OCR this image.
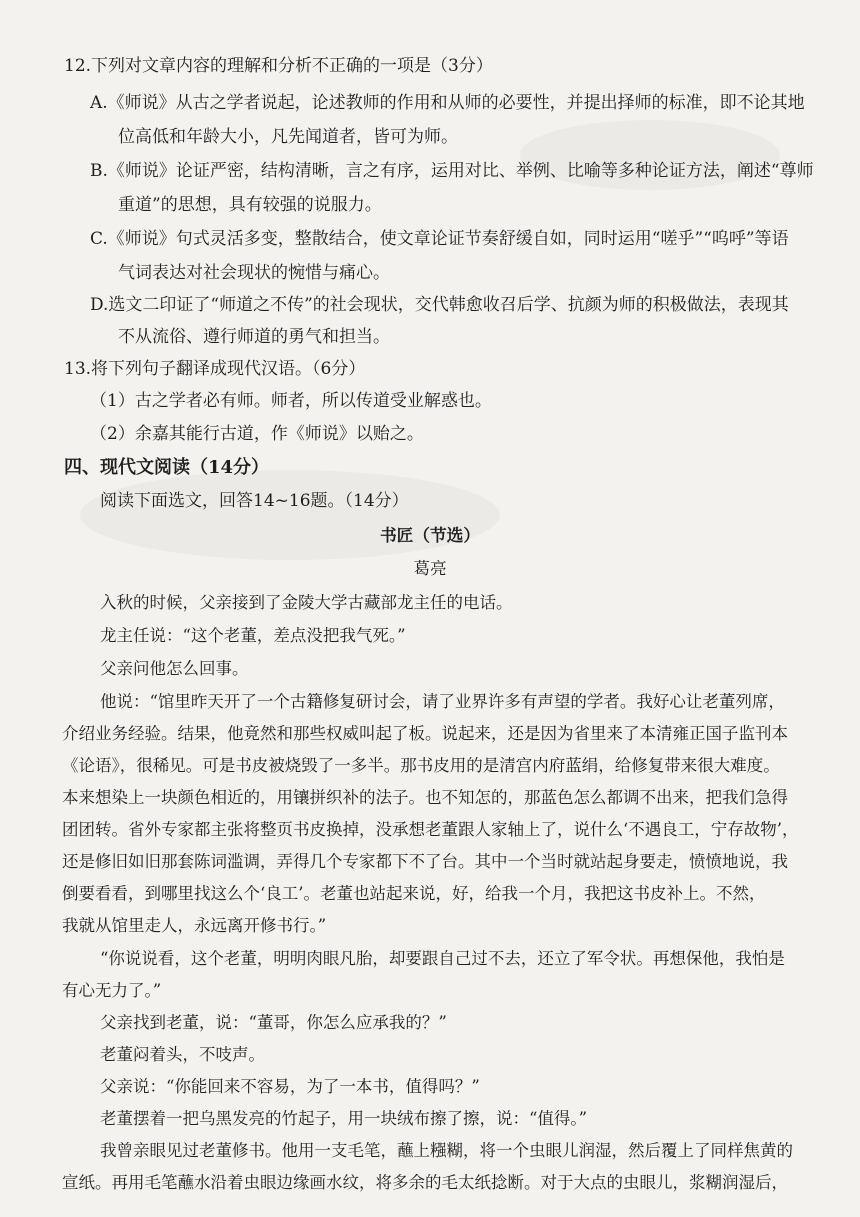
12.下列对文章内容的理解和分析不正确的一项是（3分）
A.《师说》从古之学者说起，论述教师的作用和从师的必要性，并提出择师的标准，即不论其地
位高低和年龄大小，凡先闻道者，皆可为师。
B.《师说》论证严密，结构清晰，言之有序，运用对比、举例、比喻等多种论证方法，阐述“尊师
重道”的思想，具有较强的说服力。
C.《师说》句式灵活多变，整散结合，使文章论证节奏舒缓自如，同时运用“嗟乎”“呜呼”等语
气词表达对社会现状的惋惜与痛心。
D.选文二印证了“师道之不传”的社会现状，交代韩愈收召后学、抗颜为师的积极做法，表现其
不从流俗、遵行师道的勇气和担当。
13.将下列句子翻译成现代汉语。（6分）
（1）古之学者必有师。师者，所以传道受业解惑也。
（2）余嘉其能行古道，作《师说》以贻之。
四、现代文阅读（14分）
阅读下面选文，回答14~16题。（14分）
书匠（节选）
葛亮
入秋的时候，父亲接到了金陵大学古藏部龙主任的电话。
龙主任说：“这个老董，差点没把我气死。”
父亲问他怎么回事。
他说：“馆里昨天开了一个古籍修复研讨会，请了业界许多有声望的学者。我好心让老董列席，
介绍业务经验。结果，他竟然和那些权威叫起了板。说起来，还是因为省里来了本清雍正国子监刊本
《论语》，很稀见。可是书皮被烧毁了一多半。那书皮用的是清宫内府蓝绢，给修复带来很大难度。
本来想染上一块颜色相近的，用镶拼织补的法子。也不知怎的，那蓝色怎么都调不出来，把我们急得
团团转。省外专家都主张将整页书皮换掉，没承想老董跟人家轴上了，说什么‘不遇良工，宁存故物’，
还是修旧如旧那套陈词滥调，弄得几个专家都下不了台。其中一个当时就站起身要走，愤愤地说，我
倒要看看，到哪里找这么个‘良工’。老董也站起来说，好，给我一个月，我把这书皮补上。不然，
我就从馆里走人，永远离开修书行。”
“你说说看，这个老董，明明肉眼凡胎，却要跟自己过不去，还立了军令状。再想保他，我怕是
有心无力了。”
父亲找到老董，说：“董哥，你怎么应承我的？”
老董闷着头，不吱声。
父亲说：“你能回来不容易，为了一本书，值得吗？”
老董摆着一把乌黑发亮的竹起子，用一块绒布擦了擦，说：“值得。”
我曾亲眼见过老董修书。他用一支毛笔，蘸上糨糊，将一个虫眼儿润湿，然后覆上了同样焦黄的
宣纸。再用毛笔蘸水沿着虫眼边缘画水纹，将多余的毛太纸捻断。对于大点的虫眼儿，浆糊润湿后，
